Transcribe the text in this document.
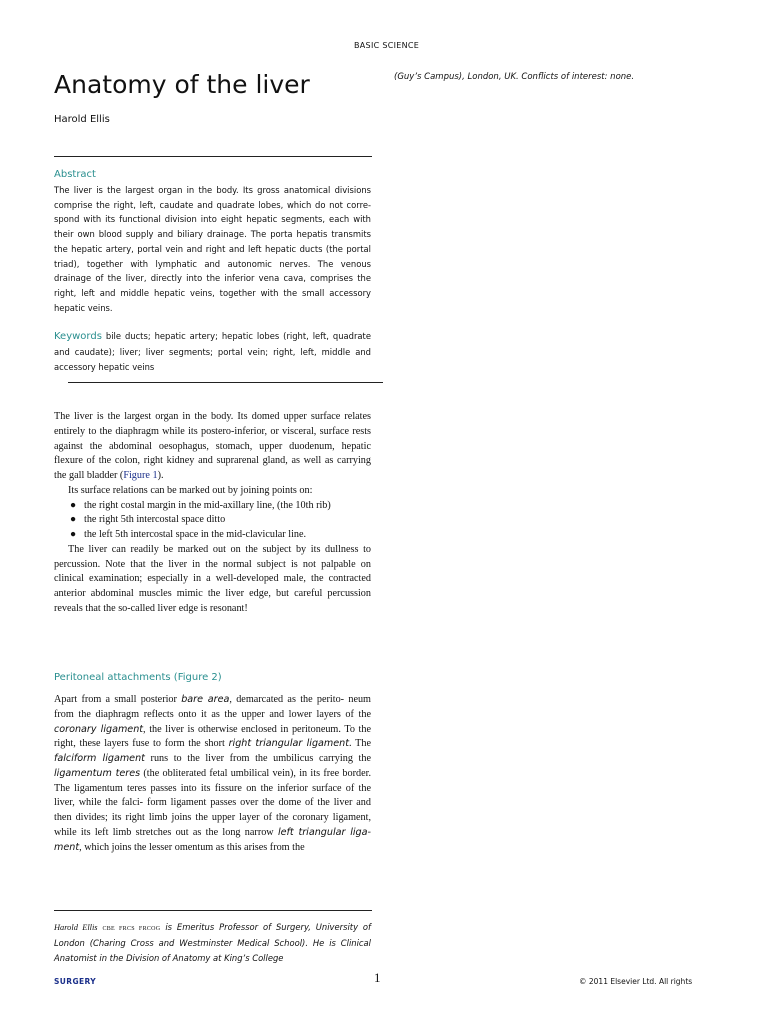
BASIC SCIENCE
Anatomy of the liver
Harold Ellis
(Guy’s Campus), London, UK. Conflicts of interest: none.
Abstract

The liver is the largest organ in the body. Its gross anatomical divisions comprise the right, left, caudate and quadrate lobes, which do not corre- spond with its functional division into eight hepatic segments, each with their own blood supply and biliary drainage. The porta hepatis transmits the hepatic artery, portal vein and right and left hepatic ducts (the portal triad), together with lymphatic and autonomic nerves. The venous drainage of the liver, directly into the inferior vena cava, comprises the right, left and middle hepatic veins, together with the small accessory hepatic veins.

Keywords bile ducts; hepatic artery; hepatic lobes (right, left, quadrate and caudate); liver; liver segments; portal vein; right, left, middle and accessory hepatic veins

The liver is the largest organ in the body. Its domed upper surface relates entirely to the diaphragm while its postero-inferior, or visceral, surface rests against the abdominal oesophagus, stomach, upper duodenum, hepatic flexure of the colon, right kidney and suprarenal gland, as well as carrying the gall bladder (Figure 1).

Its surface relations can be marked out by joining points on:

● the right costal margin in the mid-axillary line, (the 10th rib)
● the right 5th intercostal space ditto
● the left 5th intercostal space in the mid-clavicular line.

The liver can readily be marked out on the subject by its dullness to percussion. Note that the liver in the normal subject is not palpable on clinical examination; especially in a well-developed male, the contracted anterior abdominal muscles mimic the liver edge, but careful percussion reveals that the so-called liver edge is resonant!

Peritoneal attachments (Figure 2)

Apart from a small posterior bare area, demarcated as the perito- neum from the diaphragm reflects onto it as the upper and lower layers of the coronary ligament, the liver is otherwise enclosed in peritoneum. To the right, these layers fuse to form the short right triangular ligament. The falciform ligament runs to the liver from the umbilicus carrying the ligamentum teres (the obliterated fetal umbilical vein), in its free border. The ligamentum teres passes into its fissure on the inferior surface of the liver, while the falci- form ligament passes over the dome of the liver and then divides; its right limb joins the upper layer of the coronary ligament, while its left limb stretches out as the long narrow left triangular liga- ment, which joins the lesser omentum as this arises from the

Harold Ellis CBE FRCS FRCOG is Emeritus Professor of Surgery, University of London (Charing Cross and Westminster Medical School). He is Clinical Anatomist in the Division of Anatomy at King’s College

SURGERY	1	© 2011 Elsevier Ltd. All rights
